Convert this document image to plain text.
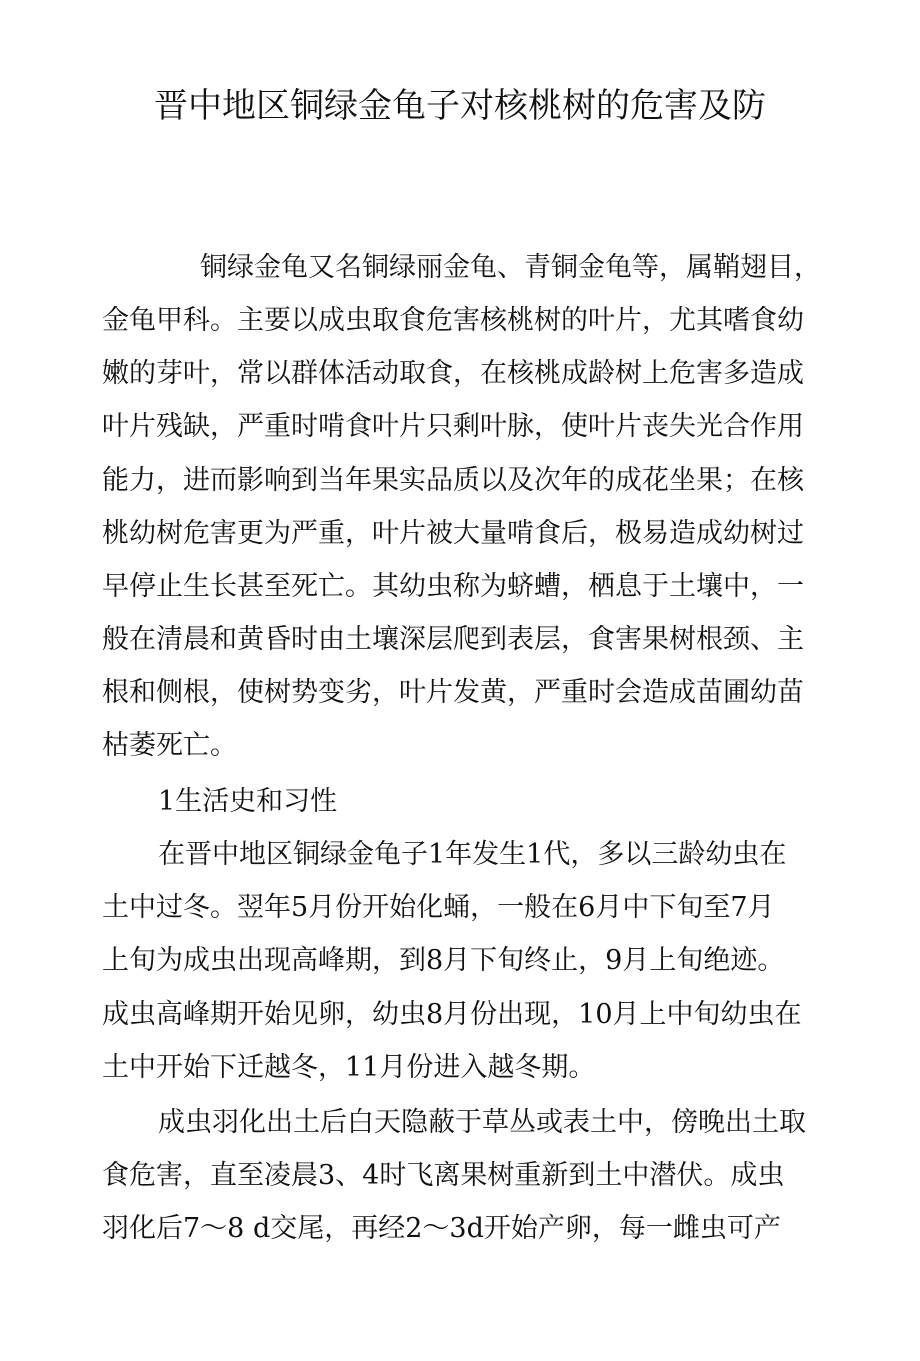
晋中地区铜绿金龟子对核桃树的危害及防

铜绿金龟又名铜绿丽金龟、青铜金龟等，属鞘翅目，

金龟甲科。主要以成虫取食危害核桃树的叶片，尤其嗜食幼

嫩的芽叶，常以群体活动取食，在核桃成龄树上危害多造成

叶片残缺，严重时啃食叶片只剩叶脉，使叶片丧失光合作用

能力，进而影响到当年果实品质以及次年的成花坐果；在核

桃幼树危害更为严重，叶片被大量啃食后，极易造成幼树过

早停止生长甚至死亡。其幼虫称为蛴螬，栖息于土壤中，一

般在清晨和黄昏时由土壤深层爬到表层，食害果树根颈、主

根和侧根，使树势变劣，叶片发黄，严重时会造成苗圃幼苗

枯萎死亡。

1生活史和习性

在晋中地区铜绿金龟子1年发生1代，多以三龄幼虫在

土中过冬。翌年5月份开始化蛹，一般在6月中下旬至7月

上旬为成虫出现高峰期，到8月下旬终止，9月上旬绝迹。

成虫高峰期开始见卵，幼虫8月份出现，10月上中旬幼虫在

土中开始下迁越冬，11月份进入越冬期。

成虫羽化出土后白天隐蔽于草丛或表土中，傍晚出土取

食危害，直至凌晨3、4时飞离果树重新到土中潜伏。成虫

羽化后7～8 d交尾，再经2～3d开始产卵，每一雌虫可产
